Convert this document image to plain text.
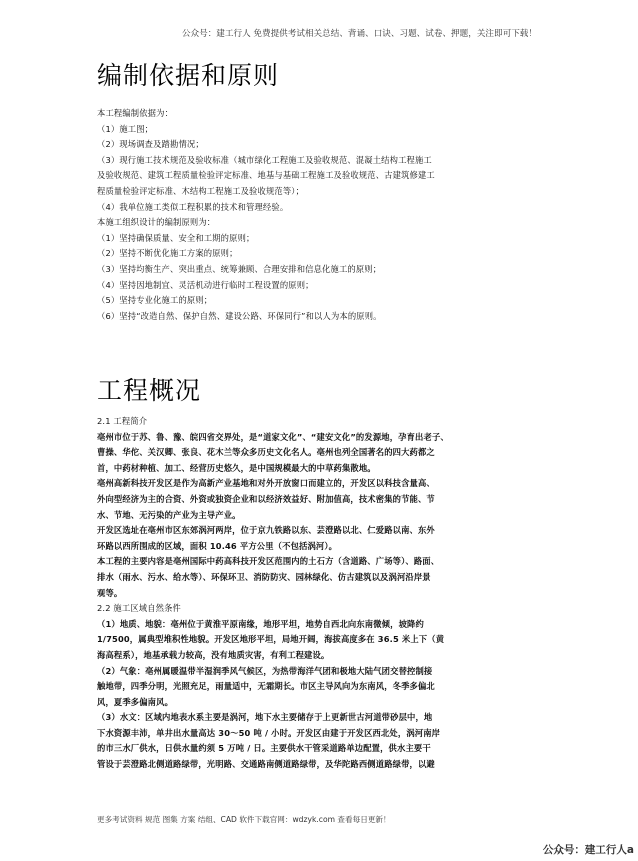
公众号：建工行人 免费提供考试相关总结、背诵、口诀、习题、试卷、押题，关注即可下载！
编制依据和原则
本工程编制依据为：
（1）施工图；
（2）现场调查及踏勘情况；
（3）现行施工技术规范及验收标准（城市绿化工程施工及验收规范、混凝土结构工程施工
及验收规范、建筑工程质量检验评定标准、地基与基础工程施工及验收规范、古建筑修建工
程质量检验评定标准、木结构工程施工及验收规范等）；
（4）我单位施工类似工程积累的技术和管理经验。
本施工组织设计的编制原则为：
（1）坚持确保质量、安全和工期的原则；
（2）坚持不断优化施工方案的原则；
（3）坚持均衡生产、突出重点、统筹兼顾、合理安排和信息化施工的原则；
（4）坚持因地制宜、灵活机动进行临时工程设置的原则；
（5）坚持专业化施工的原则；
（6）坚持“改造自然、保护自然、建设公路、环保同行”和以人为本的原则。
工程概况
2.1 工程简介
亳州市位于苏、鲁、豫、皖四省交界处，是“道家文化”、“建安文化”的发源地，孕育出老子、
曹操、华佗、关汉卿、张良、花木兰等众多历史文化名人。亳州也列全国著名的四大药都之
首，中药材种植、加工、经营历史悠久，是中国规模最大的中草药集散地。
亳州高新科技开发区是作为高新产业基地和对外开放窗口而建立的，开发区以科技含量高、
外向型经济为主的合资、外资或独资企业和以经济效益好、附加值高，技术密集的节能、节
水、节地、无污染的产业为主导产业。
开发区选址在亳州市区东郊涡河两岸，位于京九铁路以东、芸澄路以北、仁爱路以南、东外
环路以西所围成的区域，面积 10.46 平方公里（不包括涡河）。
本工程的主要内容是亳州国际中药高科技开发区范围内的土石方（含道路、广场等）、路面、
排水（雨水、污水、给水等）、环保环卫、消防防灾、园林绿化、仿古建筑以及涡河沿岸景
观等。
2.2 施工区域自然条件
（1）地质、地貌：亳州位于黄淮平原南缘，地形平坦，地势自西北向东南微倾，坡降约
1/7500，属典型堆积性地貌。开发区地形平坦，局地开阔，海拔高度多在 36.5 米上下（黄
海高程系），地基承载力较高，没有地质灾害，有利工程建设。
（2）气象：亳州属暖温带半湿润季风气候区，为热带海洋气团和极地大陆气团交替控制接
触地带，四季分明，光照充足，雨量适中，无霜期长。市区主导风向为东南风，冬季多偏北
风，夏季多偏南风。
（3）水文：区域内地表水系主要是涡河，地下水主要储存于上更新世古河道带砂层中，地
下水资源丰沛，单井出水量高达 30～50 吨 / 小时。开发区由建于开发区西北处，涡河南岸
的市三水厂供水，日供水量约须 5 万吨 / 日。主要供水干管采道路单边配置，供水主要干
管设于芸澄路北侧道路绿带，光明路、交通路南侧道路绿带，及华陀路西侧道路绿带，以避
更多考试资料 规范 图集 方案 结组、CAD 软件下载官网：wdzyk.com 查看每日更新！
公众号：建工行人a
